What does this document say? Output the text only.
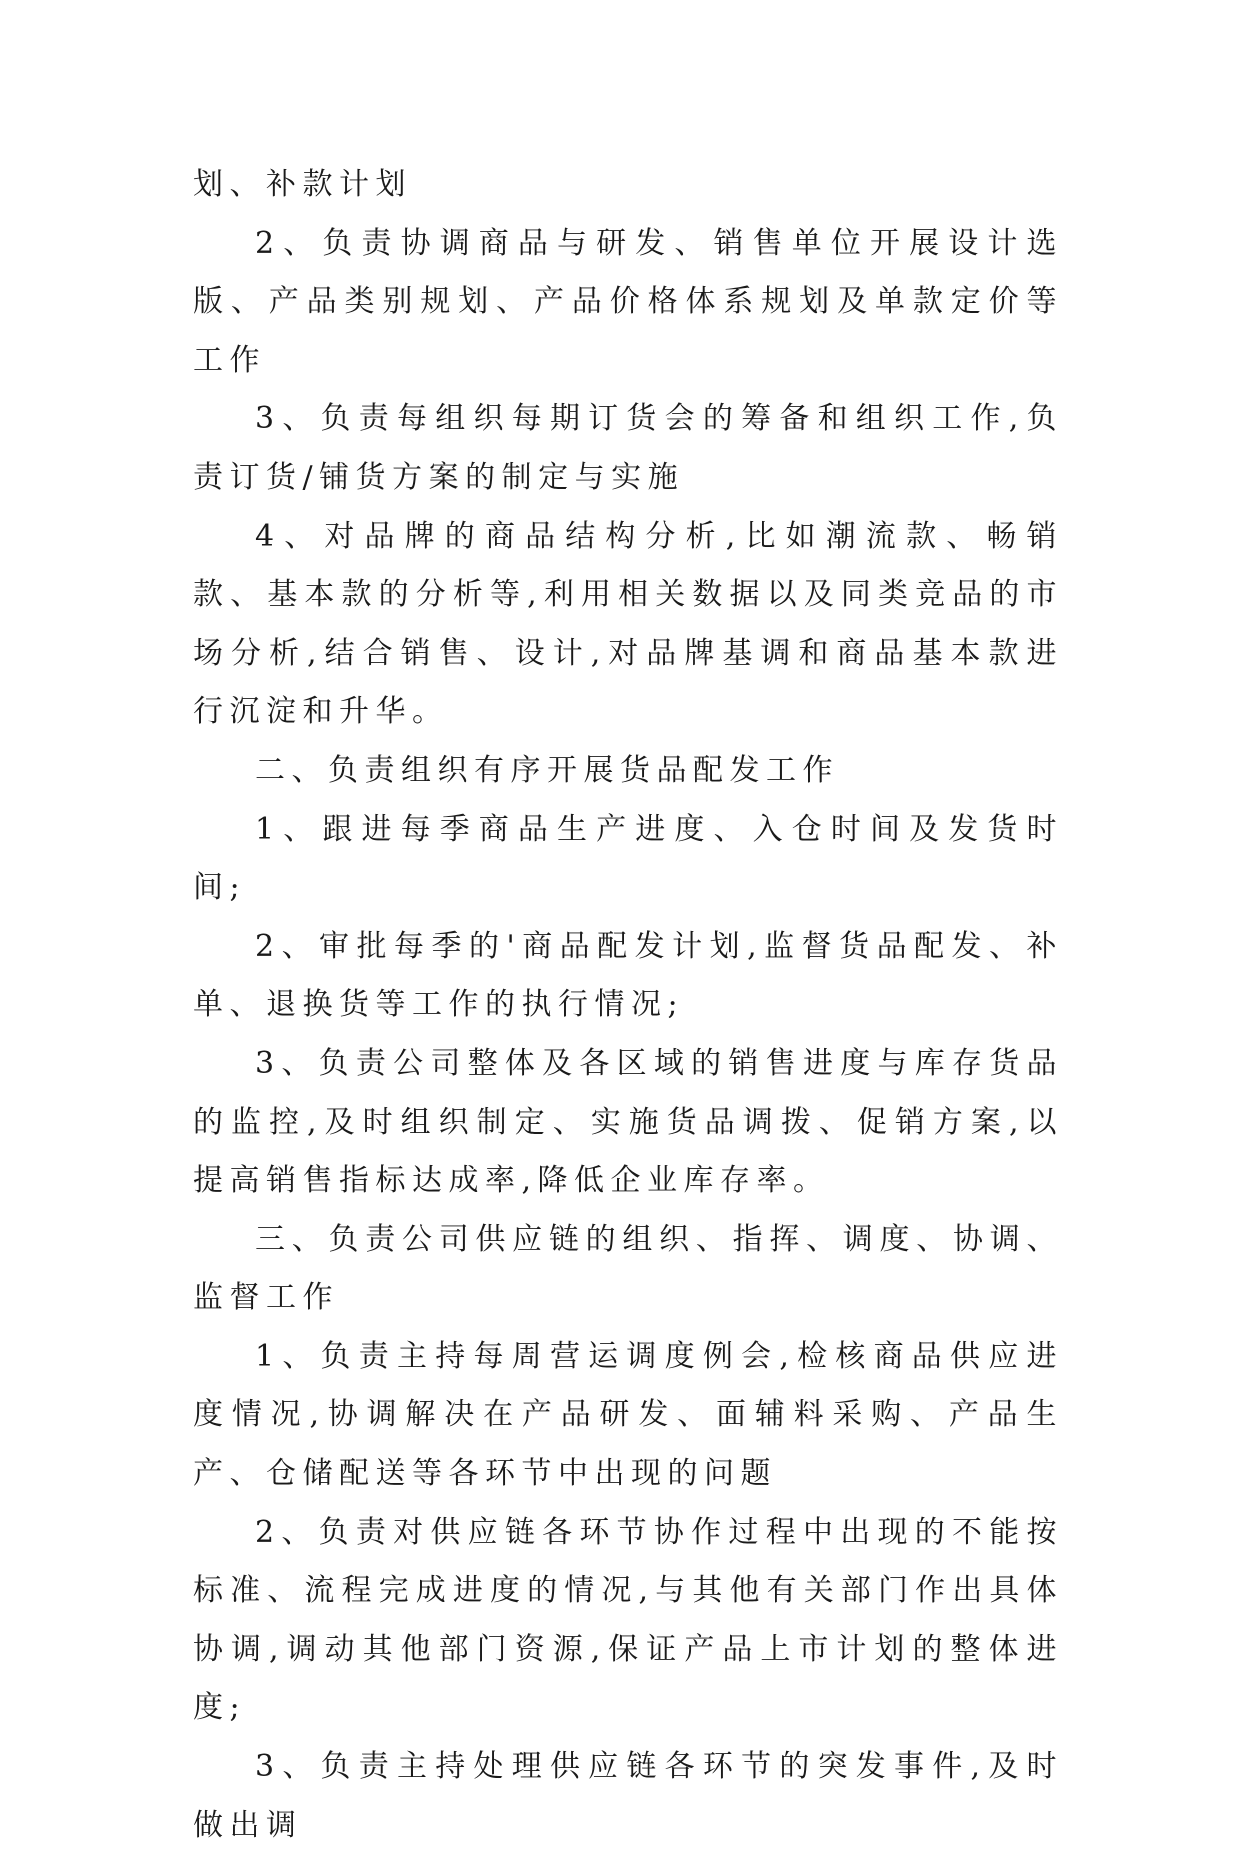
划、补款计划

2、负责协调商品与研发、销售单位开展设计选版、产品类别规划、产品价格体系规划及单款定价等工作

3、负责每组织每期订货会的筹备和组织工作,负责订货/铺货方案的制定与实施

4、对品牌的商品结构分析,比如潮流款、畅销款、基本款的分析等,利用相关数据以及同类竞品的市场分析,结合销售、设计,对品牌基调和商品基本款进行沉淀和升华。

二、负责组织有序开展货品配发工作

1、跟进每季商品生产进度、入仓时间及发货时间;

2、审批每季的'商品配发计划,监督货品配发、补单、退换货等工作的执行情况;

3、负责公司整体及各区域的销售进度与库存货品的监控,及时组织制定、实施货品调拨、促销方案,以提高销售指标达成率,降低企业库存率。

三、负责公司供应链的组织、指挥、调度、协调、监督工作

1、负责主持每周营运调度例会,检核商品供应进度情况,协调解决在产品研发、面辅料采购、产品生产、仓储配送等各环节中出现的问题

2、负责对供应链各环节协作过程中出现的不能按标准、流程完成进度的情况,与其他有关部门作出具体协调,调动其他部门资源,保证产品上市计划的整体进度;

3、负责主持处理供应链各环节的突发事件,及时做出调
